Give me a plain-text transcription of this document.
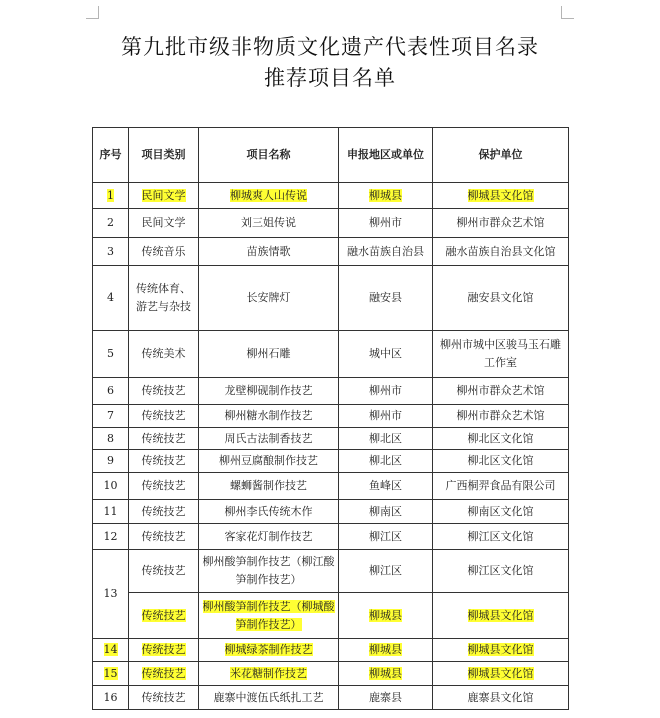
第九批市级非物质文化遗产代表性项目名录
推荐项目名单
序号	项目类别	项目名称	申报地区或单位	保护单位
1	民间文学	柳城爽人山传说	柳城县	柳城县文化馆
2	民间文学	刘三姐传说	柳州市	柳州市群众艺术馆
3	传统音乐	苗族情歌	融水苗族自治县	融水苗族自治县文化馆
4	传统体育、游艺与杂技	长安牌灯	融安县	融安县文化馆
5	传统美术	柳州石雕	城中区	柳州市城中区骏马玉石雕工作室
6	传统技艺	龙壁柳砚制作技艺	柳州市	柳州市群众艺术馆
7	传统技艺	柳州糖水制作技艺	柳州市	柳州市群众艺术馆
8	传统技艺	周氏古法制香技艺	柳北区	柳北区文化馆
9	传统技艺	柳州豆腐酿制作技艺	柳北区	柳北区文化馆
10	传统技艺	螺蛳酱制作技艺	鱼峰区	广西桐羿食品有限公司
11	传统技艺	柳州李氏传统木作	柳南区	柳南区文化馆
12	传统技艺	客家花灯制作技艺	柳江区	柳江区文化馆
13	传统技艺	柳州酸笋制作技艺（柳江酸笋制作技艺）	柳江区	柳江区文化馆
	传统技艺	柳州酸笋制作技艺（柳城酸笋制作技艺）	柳城县	柳城县文化馆
14	传统技艺	柳城绿茶制作技艺	柳城县	柳城县文化馆
15	传统技艺	米花糖制作技艺	柳城县	柳城县文化馆
16	传统技艺	鹿寨中渡伍氏纸扎工艺	鹿寨县	鹿寨县文化馆
